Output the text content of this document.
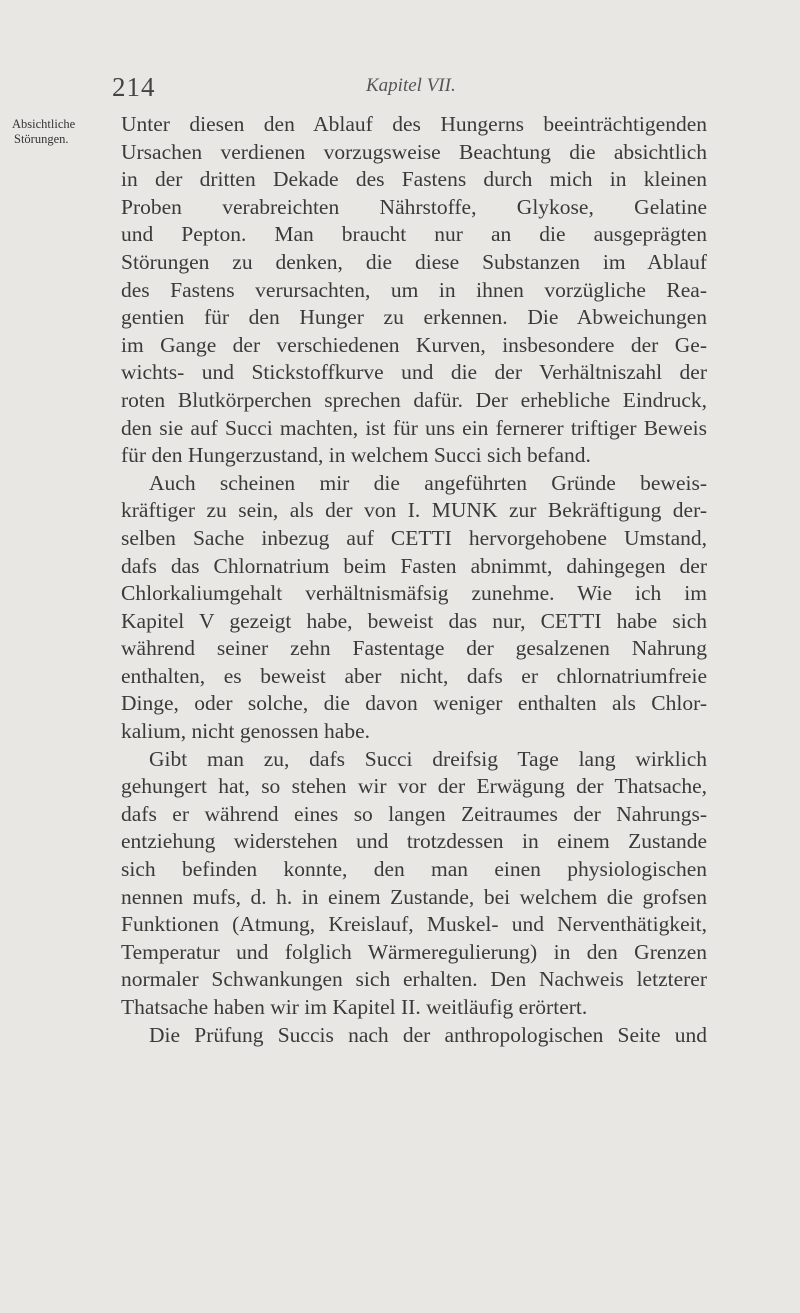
214	Kapitel VII.
Absichtliche
Störungen.
Unter diesen den Ablauf des Hungerns beeinträchtigenden
Ursachen verdienen vorzugsweise Beachtung die absichtlich
in der dritten Dekade des Fastens durch mich in kleinen
Proben verabreichten Nährstoffe, Glykose, Gelatine
und Pepton. Man braucht nur an die ausgeprägten
Störungen zu denken, die diese Substanzen im Ablauf
des Fastens verursachten, um in ihnen vorzügliche Rea-
gentien für den Hunger zu erkennen. Die Abweichungen
im Gange der verschiedenen Kurven, insbesondere der Ge-
wichts- und Stickstoffkurve und die der Verhältniszahl der
roten Blutkörperchen sprechen dafür. Der erhebliche Eindruck,
den sie auf Succi machten, ist für uns ein fernerer triftiger Beweis
für den Hungerzustand, in welchem Succi sich befand.
Auch scheinen mir die angeführten Gründe beweis-
kräftiger zu sein, als der von I. MUNK zur Bekräftigung der-
selben Sache inbezug auf CETTI hervorgehobene Umstand,
dafs das Chlornatrium beim Fasten abnimmt, dahingegen der
Chlorkaliumgehalt verhältnismäfsig zunehme. Wie ich im
Kapitel V gezeigt habe, beweist das nur, CETTI habe sich
während seiner zehn Fastentage der gesalzenen Nahrung
enthalten, es beweist aber nicht, dafs er chlornatriumfreie
Dinge, oder solche, die davon weniger enthalten als Chlor-
kalium, nicht genossen habe.
Gibt man zu, dafs Succi dreifsig Tage lang wirklich
gehungert hat, so stehen wir vor der Erwägung der Thatsache,
dafs er während eines so langen Zeitraumes der Nahrungs-
entziehung widerstehen und trotzdessen in einem Zustande
sich befinden konnte, den man einen physiologischen
nennen mufs, d. h. in einem Zustande, bei welchem die grofsen
Funktionen (Atmung, Kreislauf, Muskel- und Nerventhätigkeit,
Temperatur und folglich Wärmeregulierung) in den Grenzen
normaler Schwankungen sich erhalten. Den Nachweis letzterer
Thatsache haben wir im Kapitel II. weitläufig erörtert.
Die Prüfung Succis nach der anthropologischen Seite und
